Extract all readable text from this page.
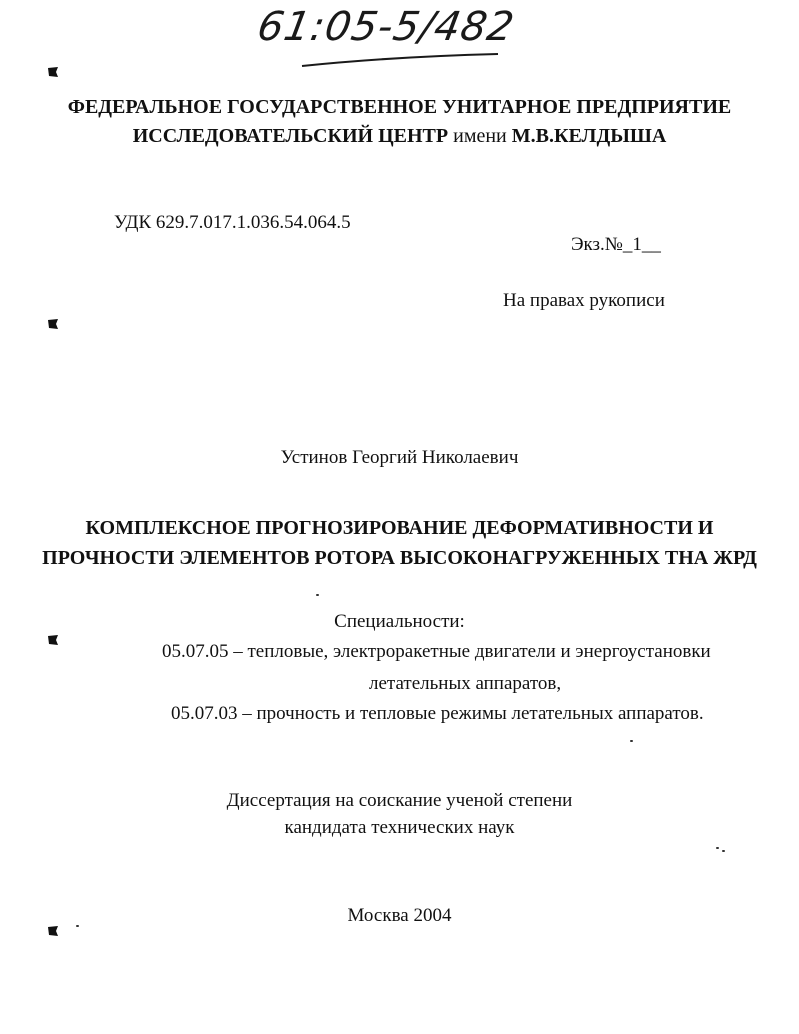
61:05-5/482
ФЕДЕРАЛЬНОЕ ГОСУДАРСТВЕННОЕ УНИТАРНОЕ ПРЕДПРИЯТИЕ
ИССЛЕДОВАТЕЛЬСКИЙ ЦЕНТР имени М.В.КЕЛДЫША
УДК 629.7.017.1.036.54.064.5
Экз.№_1__
На правах рукописи
Устинов Георгий Николаевич
КОМПЛЕКСНОЕ ПРОГНОЗИРОВАНИЕ ДЕФОРМАТИВНОСТИ И
ПРОЧНОСТИ ЭЛЕМЕНТОВ РОТОРА ВЫСОКОНАГРУЖЕННЫХ ТНА ЖРД
Специальности:
05.07.05 – тепловые, электроракетные двигатели и энергоустановки
летательных аппаратов,
05.07.03 – прочность и тепловые режимы летательных аппаратов.
Диссертация на соискание ученой степени
кандидата технических наук
Москва 2004
